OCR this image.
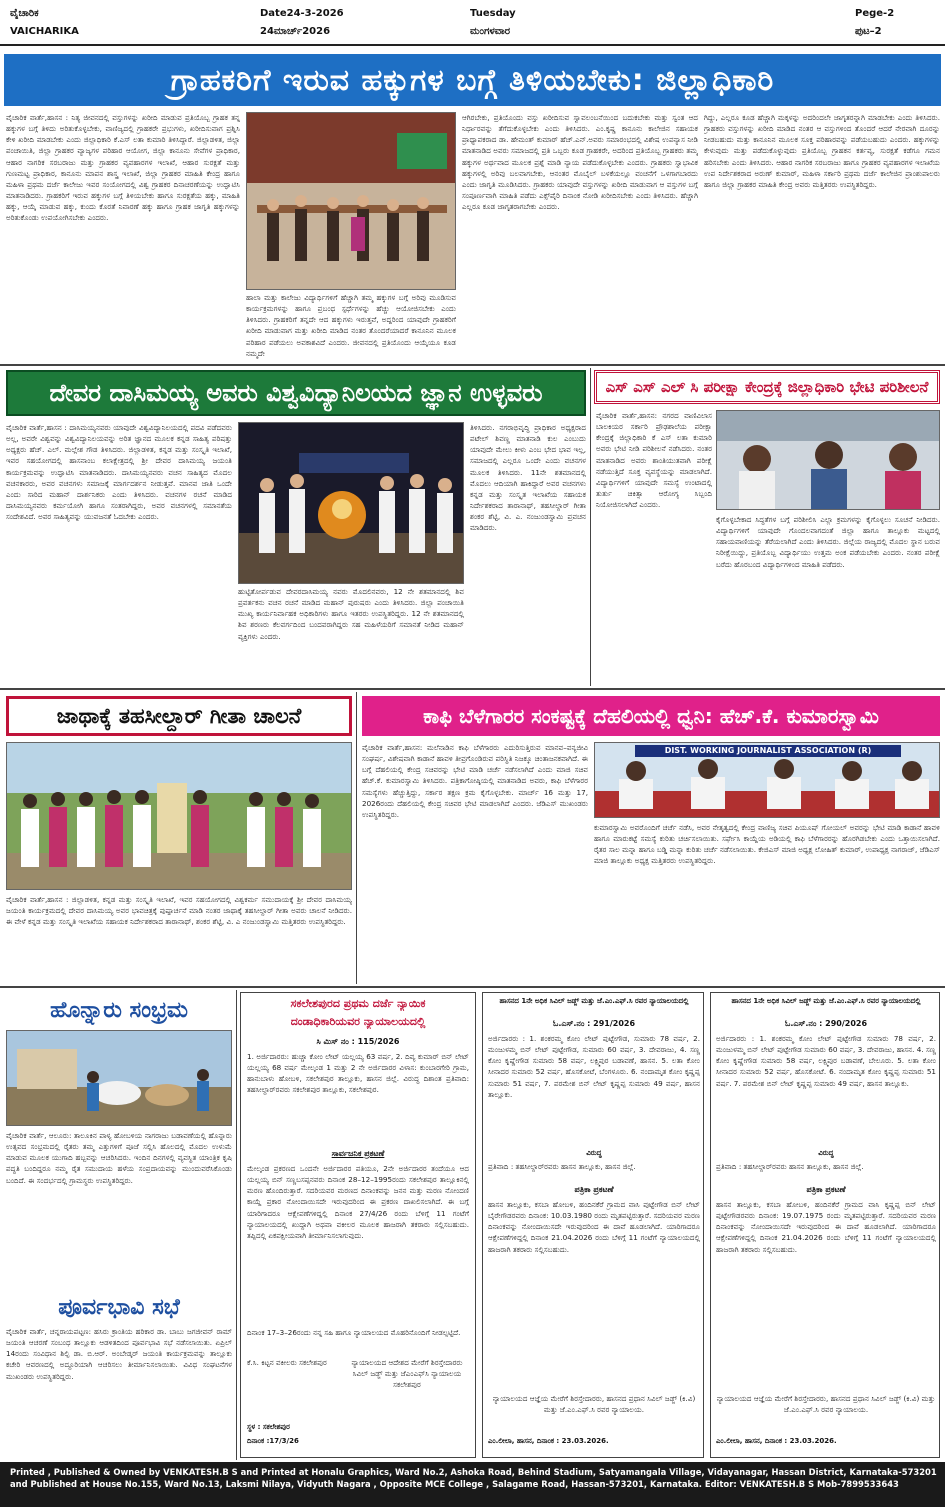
ವೈಚಾರಿಕ
VAICHARIKA
Date24-3-2026
24ಮಾರ್ಚ್2026
Tuesday
ಮಂಗಳವಾರ
Pege-2
ಪುಟ–2
ಗ್ರಾಹಕರಿಗೆ ಇರುವ ಹಕ್ಕುಗಳ ಬಗ್ಗೆ ತಿಳಿಯಬೇಕು: ಜಿಲ್ಲಾಧಿಕಾರಿ
ವೈಚಾರಿಕ ವಾರ್ತೆ,ಹಾಸನ : ನಿತ್ಯ ಜೀವನದಲ್ಲಿ ವಸ್ತುಗಳನ್ನು ಖರೀದಿ ಮಾಡುವ ಪ್ರತಿಯೊಬ್ಬ ಗ್ರಾಹಕ ತನ್ನ ಹಕ್ಕುಗಳ ಬಗ್ಗೆ ತಿಳಿದು ಅರಿತುಕೊಳ್ಳಬೇಕು, ವಾಣಿಜ್ಯದಲ್ಲಿ ಗ್ರಾಹಕರೇ ಪ್ರಭುಗಳು, ಖರೀದಿಸುವಾಗ ಪ್ರಶ್ನಿಸಿ ಕೇಳಿ ಖರೀದಿ ಮಾಡಬೇಕು ಎಂದು ಜಿಲ್ಲಾಧಿಕಾರಿ ಕೆ.ಎಸ್ ಲತಾ ಕುಮಾರಿ ತಿಳಿಸಿದ್ದಾರೆ. ಜಿಲ್ಲಾಡಳಿತ, ಜಿಲ್ಲಾ ಪಂಚಾಯಿತಿ, ಜಿಲ್ಲಾ ಗ್ರಾಹಕರ ವ್ಯಾಜ್ಯಗಳ ಪರಿಹಾರ ಆಯೋಗ, ಜಿಲ್ಲಾ ಕಾನೂನು ಸೇವೆಗಳ ಪ್ರಾಧಿಕಾರ, ಆಹಾರ ನಾಗರಿಕ ಸರಬರಾಜು ಮತ್ತು ಗ್ರಾಹಕರ ವ್ಯವಹಾರಗಳ ಇಲಾಖೆ, ಆಹಾರ ಸುರಕ್ಷತೆ ಮತ್ತು ಗುಣಮಟ್ಟ ಪ್ರಾಧಿಕಾರ, ಕಾನೂನು ಮಾಪನ ಶಾಸ್ತ್ರ ಇಲಾಖೆ, ಜಿಲ್ಲಾ ಗ್ರಾಹಕರ ಮಾಹಿತಿ ಕೇಂದ್ರ ಹಾಗೂ ಮಹಿಳಾ ಪ್ರಥಮ ದರ್ಜೆ ಕಾಲೇಜು ಇವರ ಸಂಯೋಗದಲ್ಲಿ ವಿಶ್ವ ಗ್ರಾಹಕರ ದಿನಾಚರಣೆಯನ್ನು ಉದ್ಘಾಟಿಸಿ ಮಾತನಾಡಿದರು. ಗ್ರಾಹಕರಿಗೆ ಇರುವ ಹಕ್ಕುಗಳ ಬಗ್ಗೆ ತಿಳಿಯಬೇಕು ಹಾಗೂ ಸುರಕ್ಷತೆಯ ಹಕ್ಕು, ಮಾಹಿತಿ ಹಕ್ಕು, ಆಯ್ಕೆ ಮಾಡುವ ಹಕ್ಕು, ಕುಂದು ಕೊರತೆ ನಿವಾರಣೆ ಹಕ್ಕು ಹಾಗೂ ಗ್ರಾಹಕ ಜಾಗೃತಿ ಹಕ್ಕುಗಳನ್ನು ಅರಿತುಕೊಂಡು ಉಪಯೋಗಿಸಬೇಕು ಎಂದರು.
ಹಾಲಾ ಮತ್ತು ಕಾಲೇಜು ವಿದ್ಯಾರ್ಥಿಗಳಿಗೆ ಹೆಚ್ಚಾಗಿ ತಮ್ಮ ಹಕ್ಕುಗಳ ಬಗ್ಗೆ ಅರಿವು ಮೂಡಿಸುವ ಕಾರ್ಯಕ್ರಮಗಳನ್ನು ಹಾಗೂ ಪ್ರಬಂಧ ಸ್ಪರ್ಧೆಗಳನ್ನು ಹೆಚ್ಚು ಆಯೋಜಿಸಬೇಕು ಎಂದು ತಿಳಿಸಿದರು. ಗ್ರಾಹಕರಿಗೆ ತನ್ನದೇ ಆದ ಹಕ್ಕುಗಳು ಇರುತ್ತವೆ, ಅದ್ದರಿಂದ ಯಾವುದೇ ಗ್ರಾಹಕರಿಗೆ ಖರೀದಿ ಮಾಡುವಾಗ ಮತ್ತು ಖರೀದಿ ಮಾಡಿದ ನಂತರ ತೊಂದರೆಯಾದರೆ ಕಾನೂನಿನ ಮೂಲಕ ಪರಿಹಾರ ಪಡೆಯಲು ಅವಕಾಶವಿದೆ ಎಂದರು. ಜೀವನದಲ್ಲಿ ಪ್ರತಿಯೊಂದು ಆಯ್ಕೆಯೂ ಕೂಡ ನಮ್ಮದೇ
ಆಗಿರಬೇಕು, ಪ್ರತಿಯೊಂದು ವಸ್ತು ಖರೀದಿಸುವ ಸ್ವಾವಲಂಬನೆಯಿಂದ ಬದುಕಬೇಕು ಮತ್ತು ಸ್ವಂತ ಆದ ನಿರ್ಧಾರವನ್ನು ತೆಗೆದುಕೊಳ್ಳಬೇಕು ಎಂದು ತಿಳಿಸಿದರು. ಎಂ.ಕೃಷ್ಣ ಕಾನೂನು ಕಾಲೇಜಿನ ಸಹಾಯಕ ಪ್ರಾಧ್ಯಾಪಕರಾದ ಡಾ. ಹೇಮಂತ್ ಕುಮಾರ್ ಹೆಚ್.ಎನ್.ಅವರು ಸಮಾರಂಭದಲ್ಲಿ ವಿಶೇಷ ಉಪನ್ಯಾಸ ನೀಡಿ ಮಾತನಾಡಿದ ಅವರು ಸಮಾಜದಲ್ಲಿ ಪ್ರತಿ ಒಬ್ಬರು ಕೂಡ ಗ್ರಾಹಕರೇ, ಅದರಿಂದ ಪ್ರತಿಯೊಬ್ಬ ಗ್ರಾಹಕರು ತಮ್ಮ ಹಕ್ಕುಗಳ ಅರ್ಥವಾದ ಮೂಲಕ ಪ್ರಶ್ನೆ ಮಾಡಿ ನ್ಯಾಯ ಪಡೆದುಕೊಳ್ಳಬೇಕು ಎಂದರು. ಗ್ರಾಹಕರು ಸ್ವಾಭಾವಿಕ ಹಕ್ಕುಗಳಲ್ಲಿ ಅರಿವು ಬಲವಾಗಬೇಕು, ಆನಂತರ ಮೊಬೈಲ್ ಬಳಕೆಯಲ್ಲೂ ವಂಚನೆಗೆ ಒಳಗಾಗಬಾರದು ಎಂದು ಜಾಗೃತಿ ಮೂಡಿಸಿದರು. ಗ್ರಾಹಕರು ಯಾವುದೇ ವಸ್ತುಗಳನ್ನು ಖರೀದಿ ಮಾಡುವಾಗ ಆ ವಸ್ತುಗಳ ಬಗ್ಗೆ ಸಂಪೂರ್ಣವಾಗಿ ಮಾಹಿತಿ ಪಡೆದು ಎಕ್ಸ್‌ಪೈರಿ ದಿನಾಂಕ ನೋಡಿ ಖರೀದಿಸಬೇಕು ಎಂದು ತಿಳಿಸಿದರು. ಹೆಚ್ಚಾಗಿ ಎಲ್ಲರೂ ಕೂಡ ಜಾಗೃತರಾಗಬೇಕು ಎಂದರು.
ಗಿದ್ದು, ಎಲ್ಲರೂ ಕೂಡ ಹೆಚ್ಚಾಗಿ ಮಕ್ಕಳನ್ನು ಅದರಿಂದಲೇ ಜಾಗೃತರನ್ನಾಗಿ ಮಾಡಬೇಕು ಎಂದು ತಿಳಿಸಿದರು. ಗ್ರಾಹಕರು ವಸ್ತುಗಳನ್ನು ಖರೀದಿ ಮಾಡಿದ ನಂತರ ಆ ವಸ್ತುಗಳಿಂದ ತೊಂದರೆ ಆದರೆ ನೇರವಾಗಿ ದೂರನ್ನು ನೀಡಬಹುದು ಮತ್ತು ಕಾನೂನಿನ ಮೂಲಕ ಸೂಕ್ತ ಪರಿಹಾರವನ್ನು ಪಡೆಯಬಹುದು ಎಂದರು. ಹಕ್ಕುಗಳನ್ನು ಕೇಳುವುದು ಮತ್ತು ಪಡೆದುಕೊಳ್ಳುವುದು ಪ್ರತಿಯೊಬ್ಬ ಗ್ರಾಹಕನ ಕರ್ತವ್ಯ, ಸುರಕ್ಷತೆ ಕಡೆಗೂ ಗಮನ ಹರಿಸಬೇಕು ಎಂದು ತಿಳಿಸಿದರು. ಆಹಾರ ನಾಗರಿಕ ಸರಬರಾಜು ಹಾಗೂ ಗ್ರಾಹಕರ ವ್ಯವಹಾರಗಳ ಇಲಾಖೆಯ ಉಪ ನಿರ್ದೇಶಕರಾದ ಅರುಣ್ ಕುಮಾರ್, ಮಹಿಳಾ ಸರ್ಕಾರಿ ಪ್ರಥಮ ದರ್ಜೆ ಕಾಲೇಜಿನ ಪ್ರಾಂಶುಪಾಲರು ಹಾಗೂ ಜಿಲ್ಲಾ ಗ್ರಾಹಕರ ಮಾಹಿತಿ ಕೇಂದ್ರ ಅವರು ಮತ್ತಿತರರು ಉಪಸ್ಥಿತರಿದ್ದರು.
ದೇವರ ದಾಸಿಮಯ್ಯ ಅವರು ವಿಶ್ವವಿದ್ಯಾನಿಲಯದ ಜ್ಞಾನ ಉಳ್ಳವರು
ವೈಚಾರಿಕ ವಾರ್ತೆ,ಹಾಸನ : ದಾಸಿಮಯ್ಯನವರು ಯಾವುದೇ ವಿಶ್ವವಿದ್ಯಾನಿಲಯದಲ್ಲಿ ಪದವಿ ಪಡೆದವರು ಅಲ್ಲ, ಅವರೇ ವಿಶ್ವವನ್ನು ವಿಶ್ವವಿದ್ಯಾನಿಲಯವನ್ನು ಅರಿತ ಜ್ಞಾನದ ಮೂಲಕ ಕನ್ನಡ ಸಾಹಿತ್ಯ ಪರಿಷತ್ತು ಅಧ್ಯಕ್ಷರು ಹೆಚ್. ಎಲ್. ಮಲ್ಲೇಶ ಗೌಡ ತಿಳಿಸಿದರು. ಜಿಲ್ಲಾಡಳಿತ, ಕನ್ನಡ ಮತ್ತು ಸಂಸ್ಕೃತಿ ಇಲಾಖೆ, ಇವರ ಸಹಯೋಗದಲ್ಲಿ ಹಾಸನಾಂಬ ಕಲಾಕ್ಷೇತ್ರದಲ್ಲಿ ಶ್ರೀ ದೇವರ ದಾಸಿಮಯ್ಯ ಜಯಂತಿ ಕಾರ್ಯಕ್ರಮವನ್ನು ಉದ್ಘಾಟಿಸಿ ಮಾತನಾಡಿದರು. ದಾಸಿಮಯ್ಯನವರು ವಚನ ಸಾಹಿತ್ಯದ ಮೊದಲ ವಚನಕಾರರು, ಅವರ ವಚನಗಳು ಸಮಾಜಕ್ಕೆ ಮಾರ್ಗದರ್ಶನ ನೀಡುತ್ತವೆ. ಮಾನವ ಜಾತಿ ಒಂದೇ ಎಂದು ಸಾರಿದ ಮಹಾನ್ ದಾರ್ಶನಿಕರು ಎಂದು ತಿಳಿಸಿದರು. ವಚನಗಳ ರಚನೆ ಮಾಡಿದ ದಾಸಿಮಯ್ಯನವರು ಕರ್ಮಯೋಗಿ ಹಾಗೂ ಸಂತರಾಗಿದ್ದರು, ಅವರ ವಚನಗಳಲ್ಲಿ ಸಮಾನತೆಯ ಸಂದೇಶವಿದೆ. ಅವರ ಸಾಹಿತ್ಯವನ್ನು ಯುವಜನತೆ ಓದಬೇಕು ಎಂದರು.
ಹುಟ್ಟಿತೋರ್ಪಡುವ ದೇವರದಾಸಿಮಯ್ಯ ನವರು ಮೊದಲಿನವರು, 12 ನೇ ಶತಮಾನದಲ್ಲಿ ಶಿವ ಪ್ರವರ್ತಕನು ವಚನ ರಚನೆ ಮಾಡಿದ ಮಹಾನ್ ಪುರುಷರು ಎಂದು ತಿಳಿಸಿದರು. ಜಿಲ್ಲಾ ಪಂಚಾಯಿತಿ ಮುಖ್ಯ ಕಾರ್ಯನಿರ್ವಾಹಕ ಅಧಿಕಾರಿಗಳು ಹಾಗೂ ಇತರರು ಉಪಸ್ಥಿತರಿದ್ದರು. 12 ನೇ ಶತಮಾನದಲ್ಲಿ ಶಿವ ಶರಣರು ಕೆಲವರ್ಗದಿಂದ ಬಂದವರಾಗಿದ್ದರು ಸಹ ಮಹಿಳೆಯರಿಗೆ ಸಮಾನತೆ ನೀಡಿದ ಮಹಾನ್ ವ್ಯಕ್ತಿಗಳು ಎಂದರು.
ತಿಳಿಸಿದರು. ನಗರಾಭಿವೃದ್ಧಿ ಪ್ರಾಧಿಕಾರ ಅಧ್ಯಕ್ಷರಾದ ಪಟೇಲ್ ಶಿವಣ್ಣ ಮಾತನಾಡಿ ಕುಲ ಎಂಬುದು ಯಾವುದೇ ಮೇಲು ಕೀಳು ಎಂಬ ಭೇದ ಭಾವ ಇಲ್ಲ, ಸಮಾಜದಲ್ಲಿ ಎಲ್ಲರೂ ಒಂದೇ ಎಂದು ವಚನಗಳ ಮೂಲಕ ತಿಳಿಸಿದರು. 11ನೇ ಶತಮಾನದಲ್ಲಿ ಮೊದಲು ಆದಿಯಾಗಿ ಹಾಕಿದ್ದಾರೆ ಅವರ ವಚನಗಳು ಕನ್ನಡ ಮತ್ತು ಸಂಸ್ಕೃತ ಇಲಾಖೆಯ ಸಹಾಯಕ ನಿರ್ದೇಶಕರಾದ ತಾರಾನಾಥ್, ತಹಸೀಲ್ದಾರ್ ಗೀತಾ ಶಂಕರ ಶೆಟ್ಟಿ, ವಿ. ಎ. ನಂಜುಂಡಸ್ವಾಮಿ ಪ್ರವಚನ ಮಾಡಿದರು.
ಎಸ್ ಎಸ್ ಎಲ್ ಸಿ ಪರೀಕ್ಷಾ ಕೇಂದ್ರಕ್ಕೆ ಜಿಲ್ಲಾಧಿಕಾರಿ ಭೇಟಿ ಪರಿಶೀಲನೆ
ವೈಚಾರಿಕ ವಾರ್ತೆ,ಹಾಸನ: ನಗರದ ವಾಣಿವಿಲಾಸ ಬಾಲಕಿಯರ ಸರ್ಕಾರಿ ಪ್ರೌಢಶಾಲೆಯ ಪರೀಕ್ಷಾ ಕೇಂದ್ರಕ್ಕೆ ಜಿಲ್ಲಾಧಿಕಾರಿ ಕೆ ಎಸ್ ಲತಾ ಕುಮಾರಿ ಅವರು ಭೇಟಿ ನೀಡಿ ಪರಿಶೀಲನೆ ನಡೆಸಿದರು. ನಂತರ ಮಾತನಾಡಿದ ಅವರು ಶಾಂತಿಯುತವಾಗಿ ಪರೀಕ್ಷೆ ನಡೆಯುತ್ತಿದೆ ಸೂಕ್ತ ವ್ಯವಸ್ಥೆಯನ್ನು ಮಾಡಲಾಗಿದೆ. ವಿದ್ಯಾರ್ಥಿಗಳಿಗೆ ಯಾವುದೇ ಸಮಸ್ಯೆ ಉಂಟಾದಲ್ಲಿ ತುರ್ತು ಚಿಕಿತ್ಸಾ ಆರೋಗ್ಯ ಸಿಬ್ಬಂದಿ ನಿಯೋಜಿಸಲಾಗಿದೆ ಎಂದರು.
ಕೈಗೊಳ್ಳಬೇಕಾದ ಸಿದ್ಧತೆಗಳ ಬಗ್ಗೆ ಪರಿಶೀಲಿಸಿ ಎಲ್ಲಾ ಕ್ರಮಗಳನ್ನು ಕೈಗೊಳ್ಳಲು ಸೂಚನೆ ನೀಡಿದರು. ವಿದ್ಯಾರ್ಥಿಗಳಿಗೆ ಯಾವುದೇ ಗೊಂದಲವಾಗದಂತೆ ಜಿಲ್ಲಾ ಹಾಗೂ ತಾಲ್ಲೂಕು ಮಟ್ಟದಲ್ಲಿ ಸಹಾಯವಾಣಿಯನ್ನು ತೆರೆಯಲಾಗಿದೆ ಎಂದು ತಿಳಿಸಿದರು. ಜಿಲ್ಲೆಯ ರಾಜ್ಯದಲ್ಲಿ ಮೊದಲ ಸ್ಥಾನ ಬರುವ ನಿರೀಕ್ಷೆಯಿದ್ದು, ಪ್ರತಿಯೊಬ್ಬ ವಿದ್ಯಾರ್ಥಿಯು ಉತ್ತಮ ಅಂಕ ಪಡೆಯಬೇಕು ಎಂದರು. ನಂತರ ಪರೀಕ್ಷೆ ಬರೆದು ಹೊರಬಂದ ವಿದ್ಯಾರ್ಥಿಗಳಿಂದ ಮಾಹಿತಿ ಪಡೆದರು.
ಜಾಥಾಕ್ಕೆ ತಹಸೀಲ್ದಾರ್ ಗೀತಾ ಚಾಲನೆ
ವೈಚಾರಿಕ ವಾರ್ತೆ,ಹಾಸನ : ಜಿಲ್ಲಾಡಳಿತ, ಕನ್ನಡ ಮತ್ತು ಸಂಸ್ಕೃತಿ ಇಲಾಖೆ, ಇವರ ಸಹಯೋಗದಲ್ಲಿ ವಿಶ್ವಕರ್ಮ ಸಮುದಾಯಕ್ಕೆ ಶ್ರೀ ದೇವರ ದಾಸಿಮಯ್ಯ ಜಯಂತಿ ಕಾರ್ಯಕ್ರಮದಲ್ಲಿ ದೇವರ ದಾಸಿಮಯ್ಯ ಅವರ ಭಾವಚಿತ್ರಕ್ಕೆ ಪುಷ್ಪಾರ್ಚನೆ ಮಾಡಿ ನಂತರ ಜಾಥಾಕ್ಕೆ ತಹಸೀಲ್ದಾರ್ ಗೀತಾ ಅವರು ಚಾಲನೆ ನೀಡಿದರು. ಈ ವೇಳೆ ಕನ್ನಡ ಮತ್ತು ಸಂಸ್ಕೃತಿ ಇಲಾಖೆಯ ಸಹಾಯಕ ನಿರ್ದೇಶಕರಾದ ತಾರಾನಾಥ್, ಶಂಕರ ಶೆಟ್ಟಿ, ವಿ. ಎ ನಂಜುಂಡಸ್ವಾಮಿ ಮತ್ತಿತರರು ಉಪಸ್ಥಿತರಿದ್ದರು.
ಕಾಫಿ ಬೆಳೆಗಾರರ ಸಂಕಷ್ಟಕ್ಕೆ ದೆಹಲಿಯಲ್ಲಿ ಧ್ವನಿ: ಹೆಚ್.ಕೆ. ಕುಮಾರಸ್ವಾಮಿ
ವೈಚಾರಿಕ ವಾರ್ತೆ,ಹಾಸನ: ಮಲೆನಾಡಿನ ಕಾಫಿ ಬೆಳೆಗಾರರು ಎದುರಿಸುತ್ತಿರುವ ಮಾನವ–ವನ್ಯಜೀವಿ ಸಂಘರ್ಷ, ವಿಶೇಷವಾಗಿ ಕಾಡಾನೆ ಹಾವಳಿ ತೀವ್ರಗೊಂಡಿರುವ ಪರಿಸ್ಥಿತಿ ನಿಜಕ್ಕೂ ಚಿಂತಾಜನಕವಾಗಿದೆ. ಈ ಬಗ್ಗೆ ದೆಹಲಿಯಲ್ಲಿ ಕೇಂದ್ರ ಸಚಿವರನ್ನು ಭೇಟಿ ಮಾಡಿ ಚರ್ಚೆ ನಡೆಸಲಾಗಿದೆ ಎಂದು ಮಾಜಿ ಸಚಿವ ಹೆಚ್.ಕೆ. ಕುಮಾರಸ್ವಾಮಿ ತಿಳಿಸಿದರು. ಪತ್ರಿಕಾಗೋಷ್ಠಿಯಲ್ಲಿ ಮಾತನಾಡಿದ ಅವರು, ಕಾಫಿ ಬೆಳೆಗಾರರ ಸಮಸ್ಯೆಗಳು ಹೆಚ್ಚುತ್ತಿದ್ದು, ಸರ್ಕಾರ ತಕ್ಷಣ ಕ್ರಮ ಕೈಗೊಳ್ಳಬೇಕು. ಮಾರ್ಚ್ 16 ಮತ್ತು 17, 2026ರಂದು ದೆಹಲಿಯಲ್ಲಿ ಕೇಂದ್ರ ಸಚಿವರ ಭೇಟಿ ಮಾಡಲಾಗಿದೆ ಎಂದರು. ಜೆಡಿಎಸ್ ಮುಖಂಡರು ಉಪಸ್ಥಿತರಿದ್ದರು.
DIST. WORKING JOURNALIST ASSOCIATION (R)
ಕುಮಾರಸ್ವಾಮಿ ಅವರೊಂದಿಗೆ ಚರ್ಚೆ ನಡೆಸಿ, ಅವರ ನೇತೃತ್ವದಲ್ಲಿ ಕೇಂದ್ರ ವಾಣಿಜ್ಯ ಸಚಿವ ಪಿಯೂಷ್ ಗೋಯಲ್ ಅವರನ್ನು ಭೇಟಿ ಮಾಡಿ ಕಾಡಾನೆ ಹಾವಳಿ ಹಾಗೂ ಮಾರುಕಟ್ಟೆ ಸಮಸ್ಯೆ ಕುರಿತು ಚರ್ಚಿಸಲಾಯಿತು. ಸರ್ಫೇಸಿ ಕಾಯ್ದೆಯ ಅಡಿಯಲ್ಲಿ ಕಾಫಿ ಬೆಳೆಗಾರರನ್ನು ಹೊರಗಿಡಬೇಕು ಎಂದು ಒತ್ತಾಯಿಸಲಾಗಿದೆ. ರೈತರ ಸಾಲ ಮನ್ನಾ ಹಾಗೂ ಬಡ್ಡಿ ಮನ್ನಾ ಕುರಿತು ಚರ್ಚೆ ನಡೆಸಲಾಯಿತು. ಕೇಜಿಎಸ್ ಮಾಜಿ ಅಧ್ಯಕ್ಷ ಲೋಹಿತ್ ಕುಮಾರ್, ಉಪಾಧ್ಯಕ್ಷ ನಾಗರಾಜ್, ಜೆಡಿಎಸ್ ಮಾಜಿ ತಾಲ್ಲೂಕು ಅಧ್ಯಕ್ಷ ಮತ್ತಿತರರು ಉಪಸ್ಥಿತರಿದ್ದರು.
ಹೊನ್ನಾರು ಸಂಭ್ರಮ
ವೈಚಾರಿಕ ವಾರ್ತೆ, ಆಲೂರು: ತಾಲೂಕಿನ ಪಾಳ್ಯ ಹೋಬಳಿಯ ನಾಗರಾಜು ಬಡಾವಣೆಯಲ್ಲಿ ಹೊನ್ನಾರು ಉತ್ಸವದ ಸಂಭ್ರಮದಲ್ಲಿ ರೈತರು ತಮ್ಮ ಎತ್ತುಗಳಿಗೆ ಪೂಜೆ ಸಲ್ಲಿಸಿ ಹೊಲದಲ್ಲಿ ಮೊದಲ ಉಳುಮೆ ಮಾಡುವ ಮೂಲಕ ಯುಗಾದಿ ಹಬ್ಬವನ್ನು ಆಚರಿಸಿದರು. ಇಂದಿನ ದಿನಗಳಲ್ಲಿ ವ್ಯವಸ್ಥಿತ ಯಾಂತ್ರಿಕ ಕೃಷಿ ಪದ್ಧತಿ ಬಂದಿದ್ದರೂ ನಮ್ಮ ರೈತ ಸಮುದಾಯ ಹಳೆಯ ಸಂಪ್ರದಾಯವನ್ನು ಮುಂದುವರೆಸಿಕೊಂಡು ಬಂದಿದೆ. ಈ ಸಂದರ್ಭದಲ್ಲಿ ಗ್ರಾಮಸ್ಥರು ಉಪಸ್ಥಿತರಿದ್ದರು.
ಪೂರ್ವಭಾವಿ ಸಭೆ
ವೈಚಾರಿಕ ವಾರ್ತೆ, ಚನ್ನರಾಯಪಟ್ಟಣ: ಹಸಿರು ಕ್ರಾಂತಿಯ ಹರಿಕಾರ ಡಾ. ಬಾಬು ಜಗಜೀವನ್ ರಾಮ್ ಜಯಂತಿ ಆಚರಣೆ ಸಂಬಂಧ ತಾಲ್ಲೂಕು ಆಡಳಿತದಿಂದ ಪೂರ್ವಭಾವಿ ಸಭೆ ನಡೆಸಲಾಯಿತು. ಏಪ್ರಿಲ್ 14ರಂದು ಸಂವಿಧಾನ ಶಿಲ್ಪಿ ಡಾ. ಬಿ.ಆರ್. ಅಂಬೇಡ್ಕರ್ ಜಯಂತಿ ಕಾರ್ಯಕ್ರಮವನ್ನು ತಾಲ್ಲೂಕು ಕಚೇರಿ ಆವರಣದಲ್ಲಿ ಅದ್ದೂರಿಯಾಗಿ ಆಚರಿಸಲು ತೀರ್ಮಾನಿಸಲಾಯಿತು. ವಿವಿಧ ಸಂಘಟನೆಗಳ ಮುಖಂಡರು ಉಪಸ್ಥಿತರಿದ್ದರು.
ಸಕಲೇಶಪುರದ ಪ್ರಥಮ ದರ್ಜೆ ನ್ಯಾಯಿಕ
ದಂಡಾಧಿಕಾರಿಯವರ ನ್ಯಾಯಾಲಯದಲ್ಲಿ
ಸಿ ಮಿಸ್ ನಂ : 115/2026
1. ಅರ್ಜಿದಾರರು: ಹುಚ್ಚಾ ಕೋಂ ಲೇಟ್ ಯಲ್ಲಯ್ಯ 63 ವರ್ಷ, 2. ದಿವ್ಯ ಕುಮಾರ್ ಬಿನ್ ಲೇಟ್ ಯಲ್ಲಯ್ಯ 68 ವರ್ಷ ಮೇಲ್ಕಂಡ 1 ಮತ್ತು 2 ನೇ ಅರ್ಜಿದಾರರ ವಿಳಾಸ: ಕುಂಬಾರಗೇರಿ ಗ್ರಾಮ, ಹಾನುಬಾಳು ಹೋಬಳಿ, ಸಕಲೇಶಪುರ ತಾಲ್ಲೂಕು, ಹಾಸನ ಜಿಲ್ಲೆ. ವಿರುದ್ಧ ದಿಶಾಂತ ಪ್ರತಿವಾದಿ: ತಹಸೀಲ್ದಾರ್‌ರವರು ಸಕಲೇಶಪುರ ತಾಲ್ಲೂಕು, ಸಕಲೇಶಪುರ.
ಸಾರ್ವಜನಿಕ ಪ್ರಕಟಣೆ
ಮೇಲ್ಕಂಡ ಪ್ರಕರಣದ ಒಂದನೇ ಅರ್ಜಿದಾರರ ಪತಿಯೂ, 2ನೇ ಅರ್ಜಿದಾರರ ತಂದೆಯೂ ಆದ ಯಲ್ಲಯ್ಯ ಬಿನ್ ಸಣ್ಣಬಸಪ್ಪನವರು ದಿನಾಂಕ 28–12–1995ರಂದು ಸಕಲೇಶಪುರ ತಾಲ್ಲೂಕಿನಲ್ಲಿ ಮರಣ ಹೊಂದಿರುತ್ತಾರೆ. ಸದರಿಯವರ ಮರಣದ ದಿನಾಂಕವನ್ನು ಜನನ ಮತ್ತು ಮರಣ ನೋಂದಣಿ ಕಾಯ್ದೆ ಪ್ರಕಾರ ನೋಂದಾಯಿಸದೇ ಇರುವುದರಿಂದ ಈ ಪ್ರಕರಣ ದಾಖಲಿಸಲಾಗಿದೆ. ಈ ಬಗ್ಗೆ ಯಾರಿಗಾದರೂ ಆಕ್ಷೇಪಣೆಗಳಿದ್ದಲ್ಲಿ ದಿನಾಂಕ 27/4/26 ರಂದು ಬೆಳಿಗ್ಗೆ 11 ಗಂಟೆಗೆ ನ್ಯಾಯಾಲಯದಲ್ಲಿ ಖುದ್ದಾಗಿ ಅಥವಾ ವಕೀಲರ ಮೂಲಕ ಹಾಜರಾಗಿ ತಕರಾರು ಸಲ್ಲಿಸಬಹುದು. ತಪ್ಪಿದಲ್ಲಿ ಏಕಪಕ್ಷೀಯವಾಗಿ ತೀರ್ಮಾನಿಸಲಾಗುವುದು.
ದಿನಾಂಕ 17–3–26ರಂದು ನನ್ನ ಸಹಿ ಹಾಗೂ ನ್ಯಾಯಾಲಯದ ಮೊಹರಿನೊಂದಿಗೆ ನೀಡಲ್ಪಟ್ಟಿದೆ.
ಕೆ.ಸಿ. ಕಿಟ್ಟನ ವಕೀಲರು ಸಕಲೇಶಪುರ	ನ್ಯಾಯಾಲಯದ ಆದೇಶದ ಮೇರೆಗೆ ಶಿರಸ್ತೇದಾರರು ಸಿವಿಲ್ ಜಡ್ಜ್ ಮತ್ತು ಜೆಎಂಎಫ್‌ಸಿ ನ್ಯಾಯಾಲಯ ಸಕಲೇಶಪುರ
ಸ್ಥಳ : ಸಕಲೇಶಪುರ
ದಿನಾಂಕ :17/3/26
ಹಾಸನದ 1ನೇ ಅಧಿಕ ಸಿವಿಲ್ ಜಡ್ಜ್ ಮತ್ತು ಜೆ.ಎಂ.ಎಫ್.ಸಿ ರವರ ನ್ಯಾಯಾಲಯದಲ್ಲಿ
ಓ.ಎಸ್.ನಂ : 291/2026
ಅರ್ಜಿದಾರರು : 1. ಶಂಕರಮ್ಮ ಕೋಂ ಲೇಟ್ ಪುಟ್ಟೇಗೌಡ, ಸುಮಾರು 78 ವರ್ಷ, 2. ಮಂಜುಳಮ್ಮ ಬಿನ್ ಲೇಟ್ ಪುಟ್ಟೇಗೌಡ, ಸುಮಾರು 60 ವರ್ಷ, 3. ದೇವರಾಜು, 4. ಸಣ್ಣ ಕೋಂ ಕೃಷ್ಣೇಗೌಡ ಸುಮಾರು 58 ವರ್ಷ, ಲಕ್ಷ್ಮಿಪುರ ಬಡಾವಣೆ, ಹಾಸನ. 5. ಲತಾ ಕೋಂ ಸೀನಾದರ ಸುಮಾರು 52 ವರ್ಷ, ಹೊಸಕೋಟೆ, ಬೆಂಗಳೂರು. 6. ನಂದಾಮೃತ ಕೋಂ ಕೃಷ್ಣಪ್ಪ ಸುಮಾರು 51 ವರ್ಷ, 7. ಪರಮೇಶ ಬಿನ್ ಲೇಟ್ ಕೃಷ್ಣಪ್ಪ ಸುಮಾರು 49 ವರ್ಷ, ಹಾಸನ ತಾಲ್ಲೂಕು.
ವಿರುದ್ಧ
ಪ್ರತಿವಾದಿ : ತಹಸೀಲ್ದಾರ್‌ರವರು ಹಾಸನ ತಾಲ್ಲೂಕು, ಹಾಸನ ಜಿಲ್ಲೆ.
ಪತ್ರಿಕಾ ಪ್ರಕಟಣೆ
ಹಾಸನ ತಾಲ್ಲೂಕು, ಕಸಬಾ ಹೋಬಳಿ, ಹಂದಿನಕೆರೆ ಗ್ರಾಮದ ವಾಸಿ ಪುಟ್ಟೇಗೌಡ ಬಿನ್ ಲೇಟ್ ಬೈರೇಗೌಡರವರು ದಿನಾಂಕ: 10.03.1980 ರಂದು ಮೃತಪಟ್ಟಿರುತ್ತಾರೆ. ಸದರಿಯವರ ಮರಣ ದಿನಾಂಕವನ್ನು ನೋಂದಾಯಿಸದೇ ಇರುವುದರಿಂದ ಈ ದಾವೆ ಹೂಡಲಾಗಿದೆ. ಯಾರಿಗಾದರೂ ಆಕ್ಷೇಪಣೆಗಳಿದ್ದಲ್ಲಿ ದಿನಾಂಕ 21.04.2026 ರಂದು ಬೆಳಿಗ್ಗೆ 11 ಗಂಟೆಗೆ ನ್ಯಾಯಾಲಯದಲ್ಲಿ ಹಾಜರಾಗಿ ತಕರಾರು ಸಲ್ಲಿಸಬಹುದು.
ನ್ಯಾಯಾಲಯದ ಆಜ್ಞೆಯ ಮೇರೆಗೆ ಶಿರಸ್ತೇದಾರರು, ಹಾಸನದ ಪ್ರಧಾನ ಸಿವಿಲ್ ಜಡ್ಜ್ (ಕಿ.ವಿ) ಮತ್ತು ಜೆ.ಎಂ.ಎಫ್.ಸಿ ರವರ ನ್ಯಾಯಾಲಯ.
ಎಂ.ಲೀಲಾ, ಹಾಸನ, ದಿನಾಂಕ : 23.03.2026.
ಹಾಸನದ 1ನೇ ಅಧಿಕ ಸಿವಿಲ್ ಜಡ್ಜ್ ಮತ್ತು ಜೆ.ಎಂ.ಎಫ್.ಸಿ ರವರ ನ್ಯಾಯಾಲಯದಲ್ಲಿ
ಓ.ಎಸ್.ನಂ : 290/2026
ಅರ್ಜಿದಾರರು : 1. ಶಂಕರಮ್ಮ ಕೋಂ ಲೇಟ್ ಪುಟ್ಟೇಗೌಡ ಸುಮಾರು 78 ವರ್ಷ, 2. ಮಂಜುಳಮ್ಮ ಬಿನ್ ಲೇಟ್ ಪುಟ್ಟೇಗೌಡ ಸುಮಾರು 60 ವರ್ಷ, 3. ದೇವರಾಜು, ಹಾಸನ. 4. ಸಣ್ಣ ಕೋಂ ಕೃಷ್ಣೇಗೌಡ ಸುಮಾರು 58 ವರ್ಷ, ಲಕ್ಷ್ಮಿಪುರ ಬಡಾವಣೆ, ಬೇಲೂರು. 5. ಲತಾ ಕೋಂ ಸೀನಾದರ ಸುಮಾರು 52 ವರ್ಷ, ಹೊಸಕೋಟೆ. 6. ನಂದಾಮೃತ ಕೋಂ ಕೃಷ್ಣಪ್ಪ ಸುಮಾರು 51 ವರ್ಷ. 7. ಪರಮೇಶ ಬಿನ್ ಲೇಟ್ ಕೃಷ್ಣಪ್ಪ ಸುಮಾರು 49 ವರ್ಷ, ಹಾಸನ ತಾಲ್ಲೂಕು.
ವಿರುದ್ಧ
ಪ್ರತಿವಾದಿ : ತಹಸೀಲ್ದಾರ್‌ರವರು ಹಾಸನ ತಾಲ್ಲೂಕು, ಹಾಸನ ಜಿಲ್ಲೆ.
ಪತ್ರಿಕಾ ಪ್ರಕಟಣೆ
ಹಾಸನ ತಾಲ್ಲೂಕು, ಕಸಬಾ ಹೋಬಳಿ, ಹಂದಿನಕೆರೆ ಗ್ರಾಮದ ವಾಸಿ ಕೃಷ್ಣಪ್ಪ ಬಿನ್ ಲೇಟ್ ಪುಟ್ಟೇಗೌಡರವರು ದಿನಾಂಕ: 19.07.1975 ರಂದು ಮೃತಪಟ್ಟಿರುತ್ತಾರೆ. ಸದರಿಯವರ ಮರಣ ದಿನಾಂಕವನ್ನು ನೋಂದಾಯಿಸದೇ ಇರುವುದರಿಂದ ಈ ದಾವೆ ಹೂಡಲಾಗಿದೆ. ಯಾರಿಗಾದರೂ ಆಕ್ಷೇಪಣೆಗಳಿದ್ದಲ್ಲಿ ದಿನಾಂಕ 21.04.2026 ರಂದು ಬೆಳಿಗ್ಗೆ 11 ಗಂಟೆಗೆ ನ್ಯಾಯಾಲಯದಲ್ಲಿ ಹಾಜರಾಗಿ ತಕರಾರು ಸಲ್ಲಿಸಬಹುದು.
ನ್ಯಾಯಾಲಯದ ಆಜ್ಞೆಯ ಮೇರೆಗೆ ಶಿರಸ್ತೇದಾರರು, ಹಾಸನದ ಪ್ರಧಾನ ಸಿವಿಲ್ ಜಡ್ಜ್ (ಕಿ.ವಿ) ಮತ್ತು ಜೆ.ಎಂ.ಎಫ್.ಸಿ ರವರ ನ್ಯಾಯಾಲಯ.
ಎಂ.ಲೀಲಾ, ಹಾಸನ, ದಿನಾಂಕ : 23.03.2026.
Printed , Published & Owned by VENKATESH.B S and Printed at Honalu Graphics, Ward No.2, Ashoka Road, Behind Stadium, Satyamangala Village, Vidayanagar, Hassan District, Karnataka-573201
and Published at House No.155, Ward No.13, Laksmi Nilaya, Vidyuth Nagara , Opposite MCE College , Salagame Road, Hassan-573201, Karnataka. Editor: VENKATESH.B S Mob-7899533643
